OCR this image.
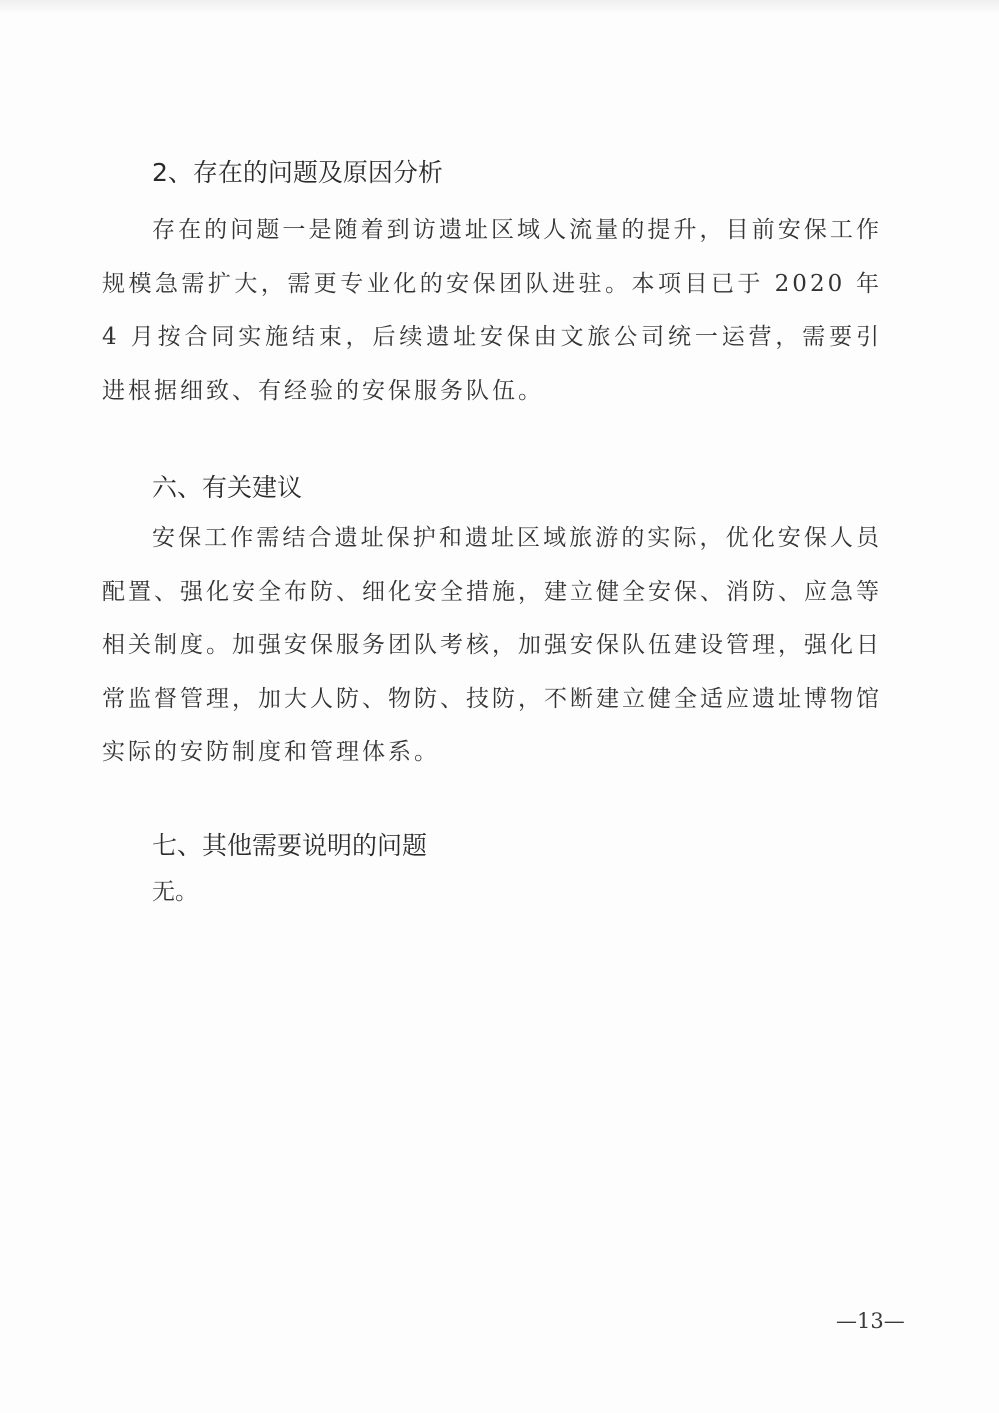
2、存在的问题及原因分析

存在的问题一是随着到访遗址区域人流量的提升，目前安保工作规模急需扩大，需更专业化的安保团队进驻。本项目已于 2020 年 4 月按合同实施结束，后续遗址安保由文旅公司统一运营，需要引进根据细致、有经验的安保服务队伍。

六、有关建议

安保工作需结合遗址保护和遗址区域旅游的实际，优化安保人员配置、强化安全布防、细化安全措施，建立健全安保、消防、应急等相关制度。加强安保服务团队考核，加强安保队伍建设管理，强化日常监督管理，加大人防、物防、技防，不断建立健全适应遗址博物馆实际的安防制度和管理体系。

七、其他需要说明的问题
无。
—13—
